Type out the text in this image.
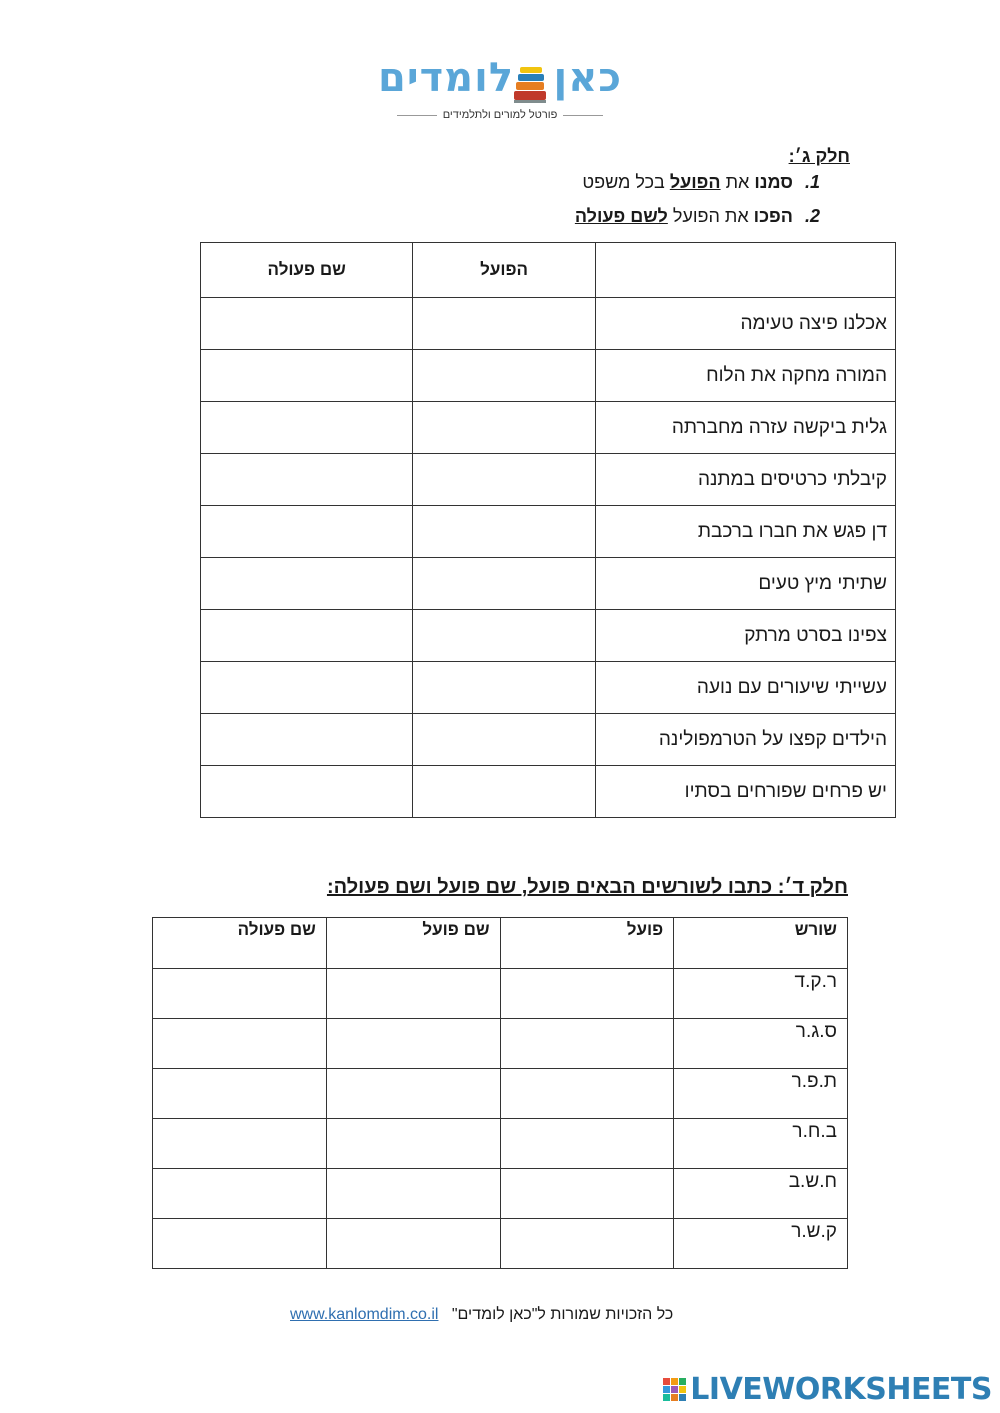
לומדים כאן
פורטל למורים ולתלמידים
חלק ג׳:
1.סמנו את הפועל בכל משפט
2.הפכו את הפועל לשם פעולה
	הפועל	שם פעולה
אכלנו פיצה טעימה		
המורה מחקה את הלוח		
גלית ביקשה עזרה מחברתה		
קיבלתי כרטיסים במתנה		
דן פגש את חברו ברכבת		
שתיתי מיץ טעים		
צפינו בסרט מרתק		
עשייתי שיעורים עם נועה		
הילדים קפצו על הטרמפולינה		
יש פרחים שפורחים בסתיו		
חלק ד׳: כתבו לשורשים הבאים פועל, שם פועל ושם פעולה:
שורש	פועל	שם פועל	שם פעולה
ר.ק.ד			
ס.ג.ר			
ת.פ.ר			
ב.ח.ר			
ח.ש.ב			
ק.ש.ר			
כל הזכויות שמורות ל"כאן לומדים"   www.kanlomdim.co.il
LIVEWORKSHEETS
